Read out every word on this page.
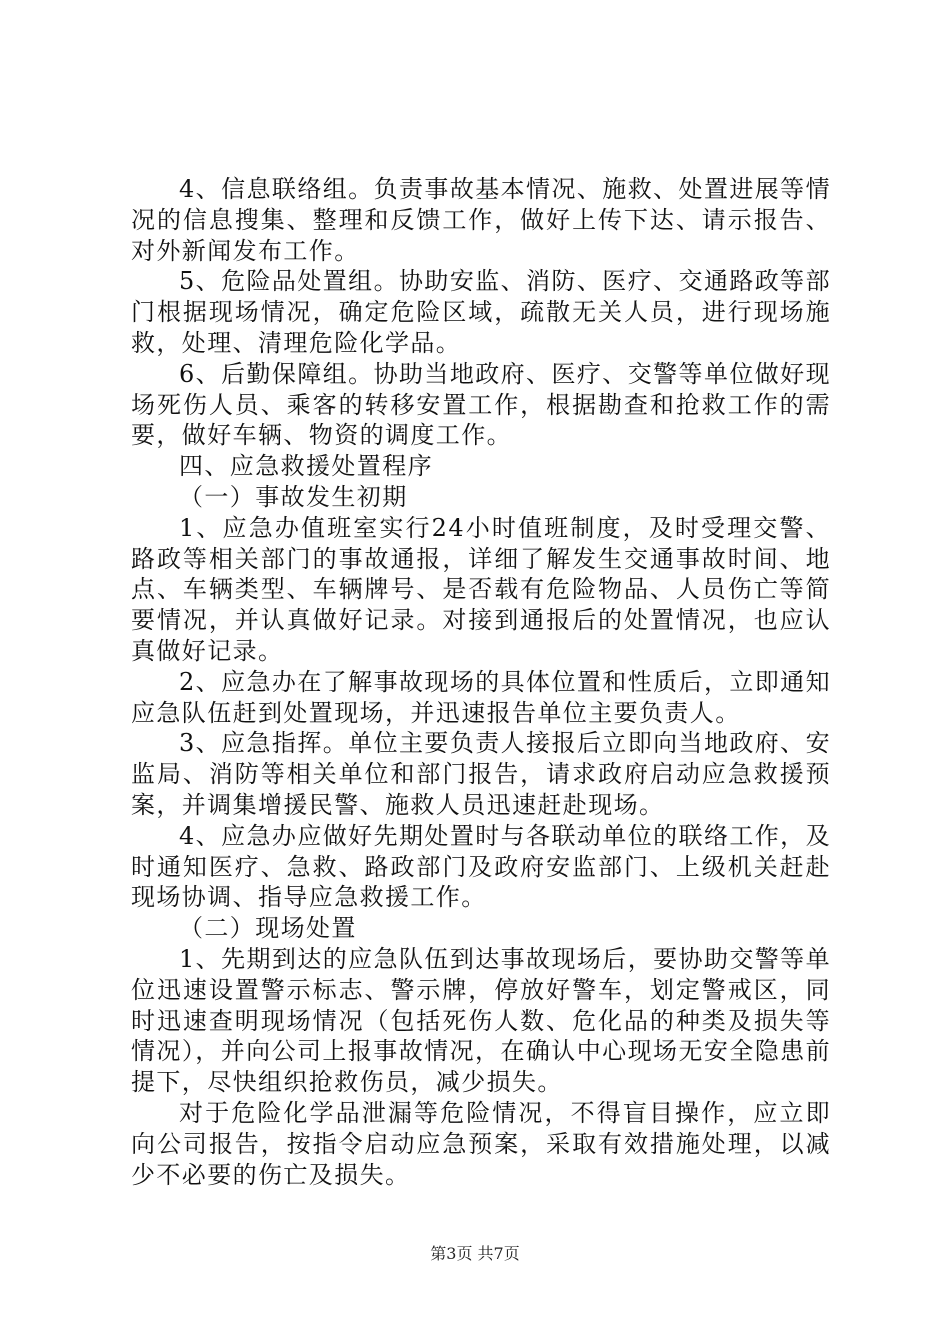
4、信息联络组。负责事故基本情况、施救、处置进展等情况的信息搜集、整理和反馈工作，做好上传下达、请示报告、对外新闻发布工作。

5、危险品处置组。协助安监、消防、医疗、交通路政等部门根据现场情况，确定危险区域，疏散无关人员，进行现场施救，处理、清理危险化学品。

6、后勤保障组。协助当地政府、医疗、交警等单位做好现场死伤人员、乘客的转移安置工作，根据勘查和抢救工作的需要，做好车辆、物资的调度工作。

四、应急救援处置程序

（一）事故发生初期

1、应急办值班室实行24小时值班制度，及时受理交警、路政等相关部门的事故通报，详细了解发生交通事故时间、地点、车辆类型、车辆牌号、是否载有危险物品、人员伤亡等简要情况，并认真做好记录。对接到通报后的处置情况，也应认真做好记录。

2、应急办在了解事故现场的具体位置和性质后，立即通知应急队伍赶到处置现场，并迅速报告单位主要负责人。

3、应急指挥。单位主要负责人接报后立即向当地政府、安监局、消防等相关单位和部门报告，请求政府启动应急救援预案，并调集增援民警、施救人员迅速赶赴现场。

4、应急办应做好先期处置时与各联动单位的联络工作，及时通知医疗、急救、路政部门及政府安监部门、上级机关赶赴现场协调、指导应急救援工作。

（二）现场处置

1、先期到达的应急队伍到达事故现场后，要协助交警等单位迅速设置警示标志、警示牌，停放好警车，划定警戒区，同时迅速查明现场情况（包括死伤人数、危化品的种类及损失等情况），并向公司上报事故情况，在确认中心现场无安全隐患前提下，尽快组织抢救伤员，减少损失。

对于危险化学品泄漏等危险情况，不得盲目操作，应立即向公司报告，按指令启动应急预案，采取有效措施处理，以减少不必要的伤亡及损失。

第3页 共7页
